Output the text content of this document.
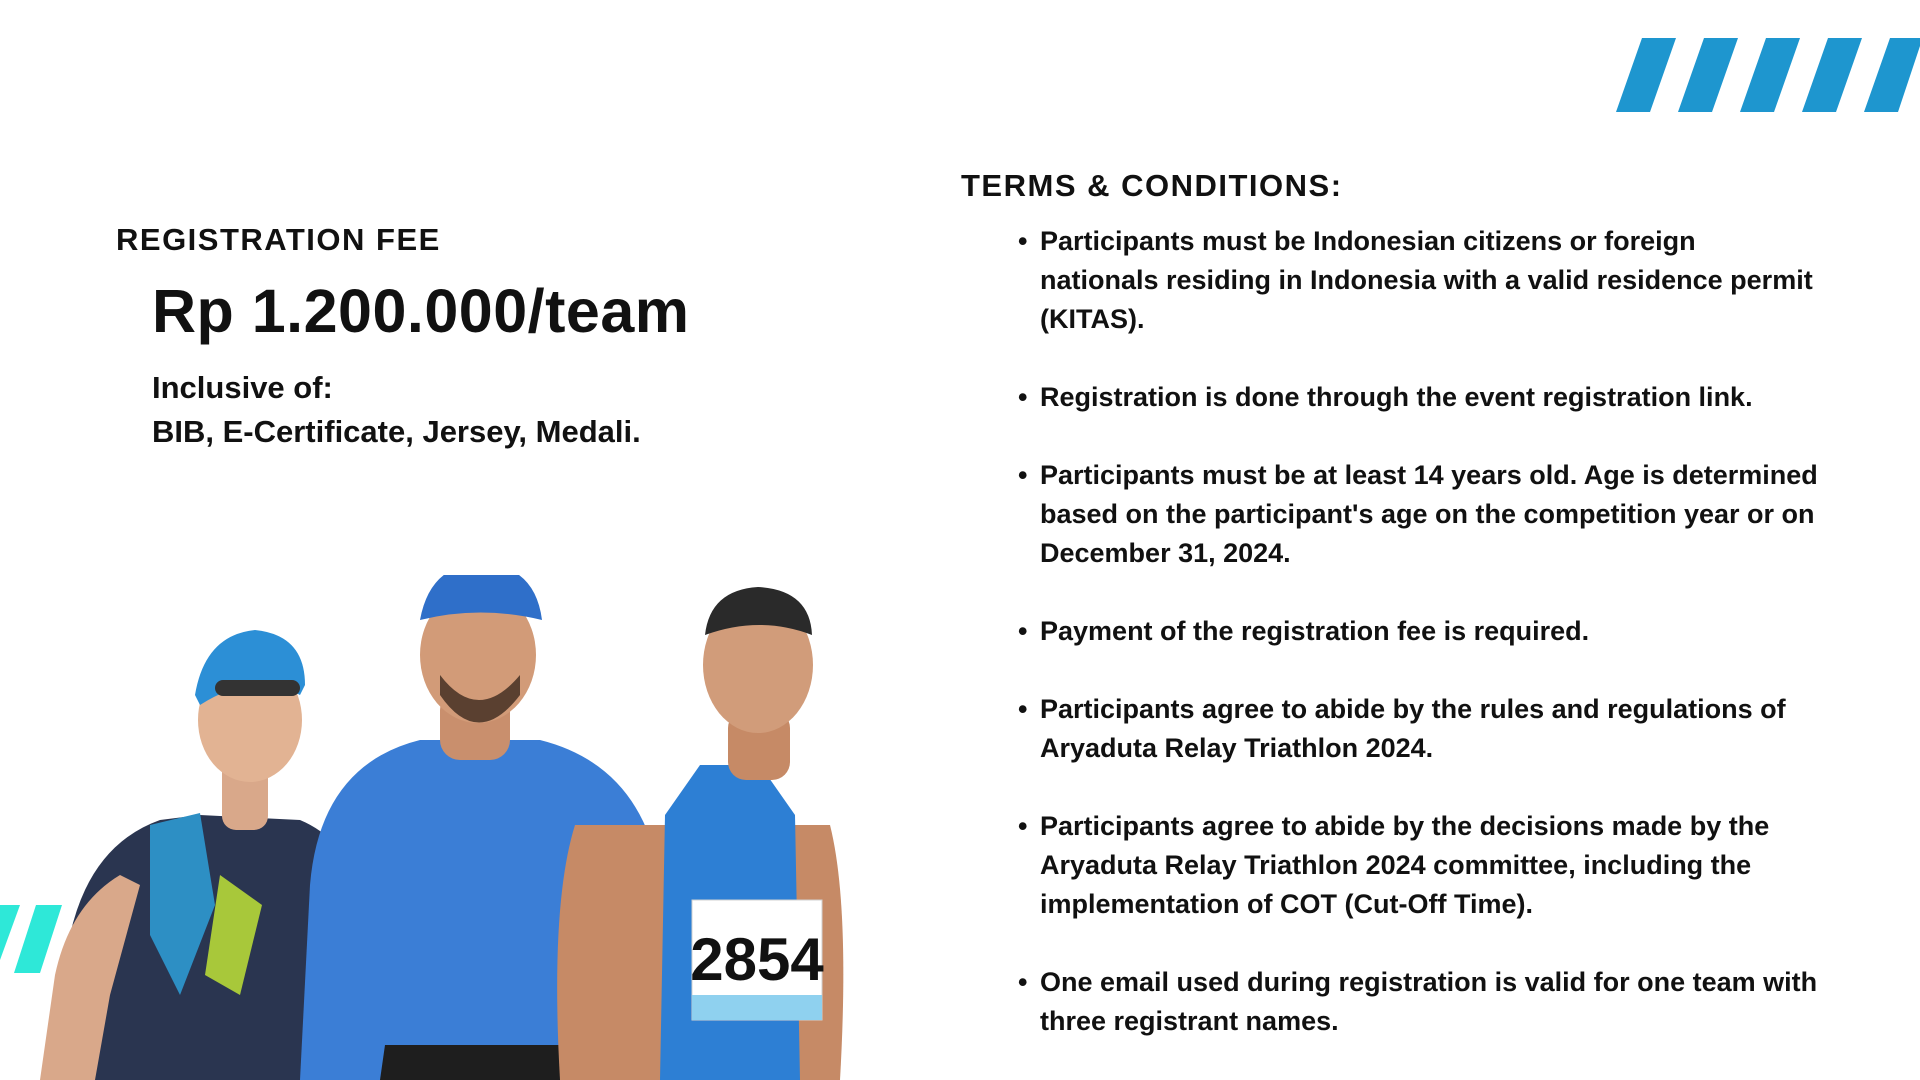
REGISTRATION FEE
Rp 1.200.000/team
Inclusive of:
BIB, E-Certificate, Jersey, Medali.
TERMS & CONDITIONS:
• Participants must be Indonesian citizens or foreign nationals residing in Indonesia with a valid residence permit (KITAS).
• Registration is done through the event registration link.
• Participants must be at least 14 years old. Age is determined based on the participant's age on the competition year or on December 31, 2024.
• Payment of the registration fee is required.
• Participants agree to abide by the rules and regulations of Aryaduta Relay Triathlon 2024.
• Participants agree to abide by the decisions made by the Aryaduta Relay Triathlon 2024 committee, including the implementation of COT (Cut-Off Time).
• One email used during registration is valid for one team with three registrant names.
2854
